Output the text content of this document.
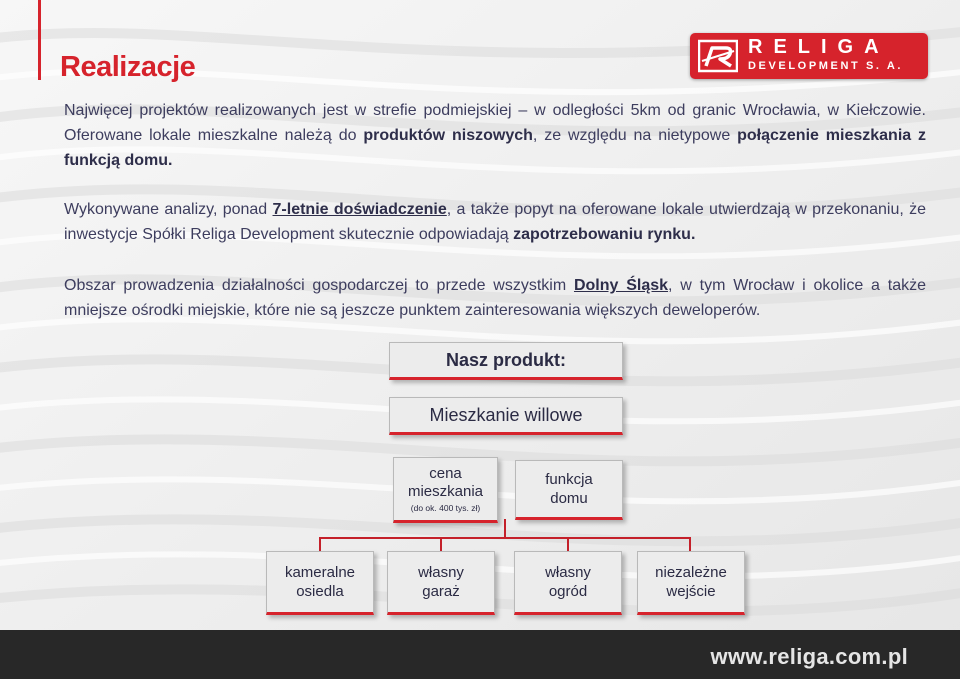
Realizacje
RELIGA
DEVELOPMENT S. A.

Najwięcej projektów realizowanych jest w strefie podmiejskiej – w odległości 5km od granic Wrocławia, w Kiełczowie. Oferowane lokale mieszkalne należą do produktów niszowych, ze względu na nietypowe połączenie mieszkania z funkcją domu.

Wykonywane analizy, ponad 7-letnie doświadczenie, a także popyt na oferowane lokale utwierdzają w przekonaniu, że inwestycje Spółki Religa Development skutecznie odpowiadają zapotrzebowaniu rynku.

Obszar prowadzenia działalności gospodarczej to przede wszystkim Dolny Śląsk, w tym Wrocław i okolice a także mniejsze ośrodki miejskie, które nie są jeszcze punktem zainteresowania większych deweloperów.

Nasz produkt:
Mieszkanie willowe
cena
mieszkania
(do ok. 400 tys. zł)
funkcja
domu
kameralne
osiedla
własny
garaż
własny
ogród
niezależne
wejście
www.religa.com.pl
